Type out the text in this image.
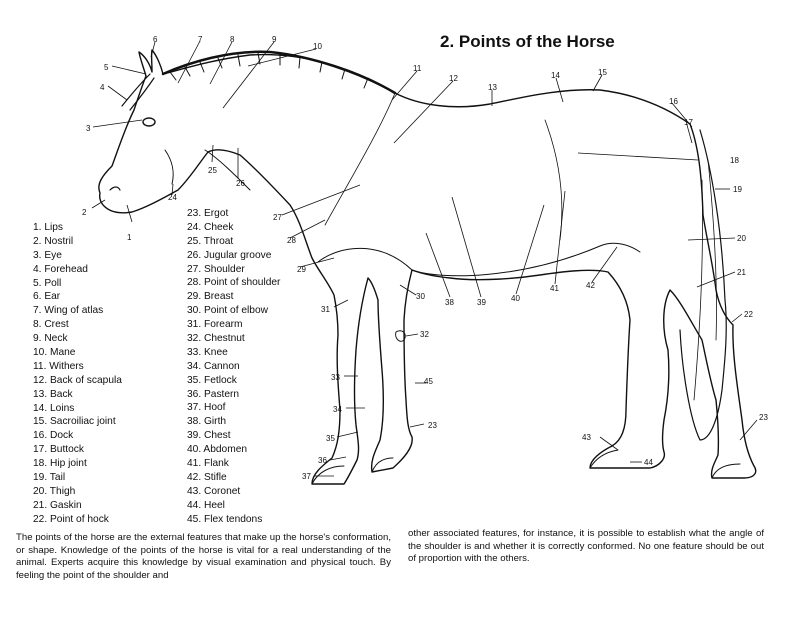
2. Points of the Horse
1
2
3
4
5
6	7	8	9
10
11
12
13
14	15
16
17
18
19
20
21
22
23
24
25
26
27
28
29
30
31
32
33
34
35
36
37
38	39	40
41	42
43
44
45
23
1. Lips
2. Nostril
3. Eye
4. Forehead
5. Poll
6. Ear
7. Wing of atlas
8. Crest
9. Neck
10. Mane
11. Withers
12. Back of scapula
13. Back
14. Loins
15. Sacroiliac joint
16. Dock
17. Buttock
18. Hip joint
19. Tail
20. Thigh
21. Gaskin
22. Point of hock
23. Ergot
24. Cheek
25. Throat
26. Jugular groove
27. Shoulder
28. Point of shoulder
29. Breast
30. Point of elbow
31. Forearm
32. Chestnut
33. Knee
34. Cannon
35. Fetlock
36. Pastern
37. Hoof
38. Girth
39. Chest
40. Abdomen
41. Flank
42. Stifle
43. Coronet
44. Heel
45. Flex tendons
The points of the horse are the external features that make up the horse's conformation, or shape. Knowledge of the points of the horse is vital for a real understanding of the animal. Experts acquire this knowledge by visual examination and physical touch. By feeling the point of the shoulder and
other associated features, for instance, it is possible to establish what the angle of the shoulder is and whether it is correctly conformed. No one feature should be out of proportion with the others.
